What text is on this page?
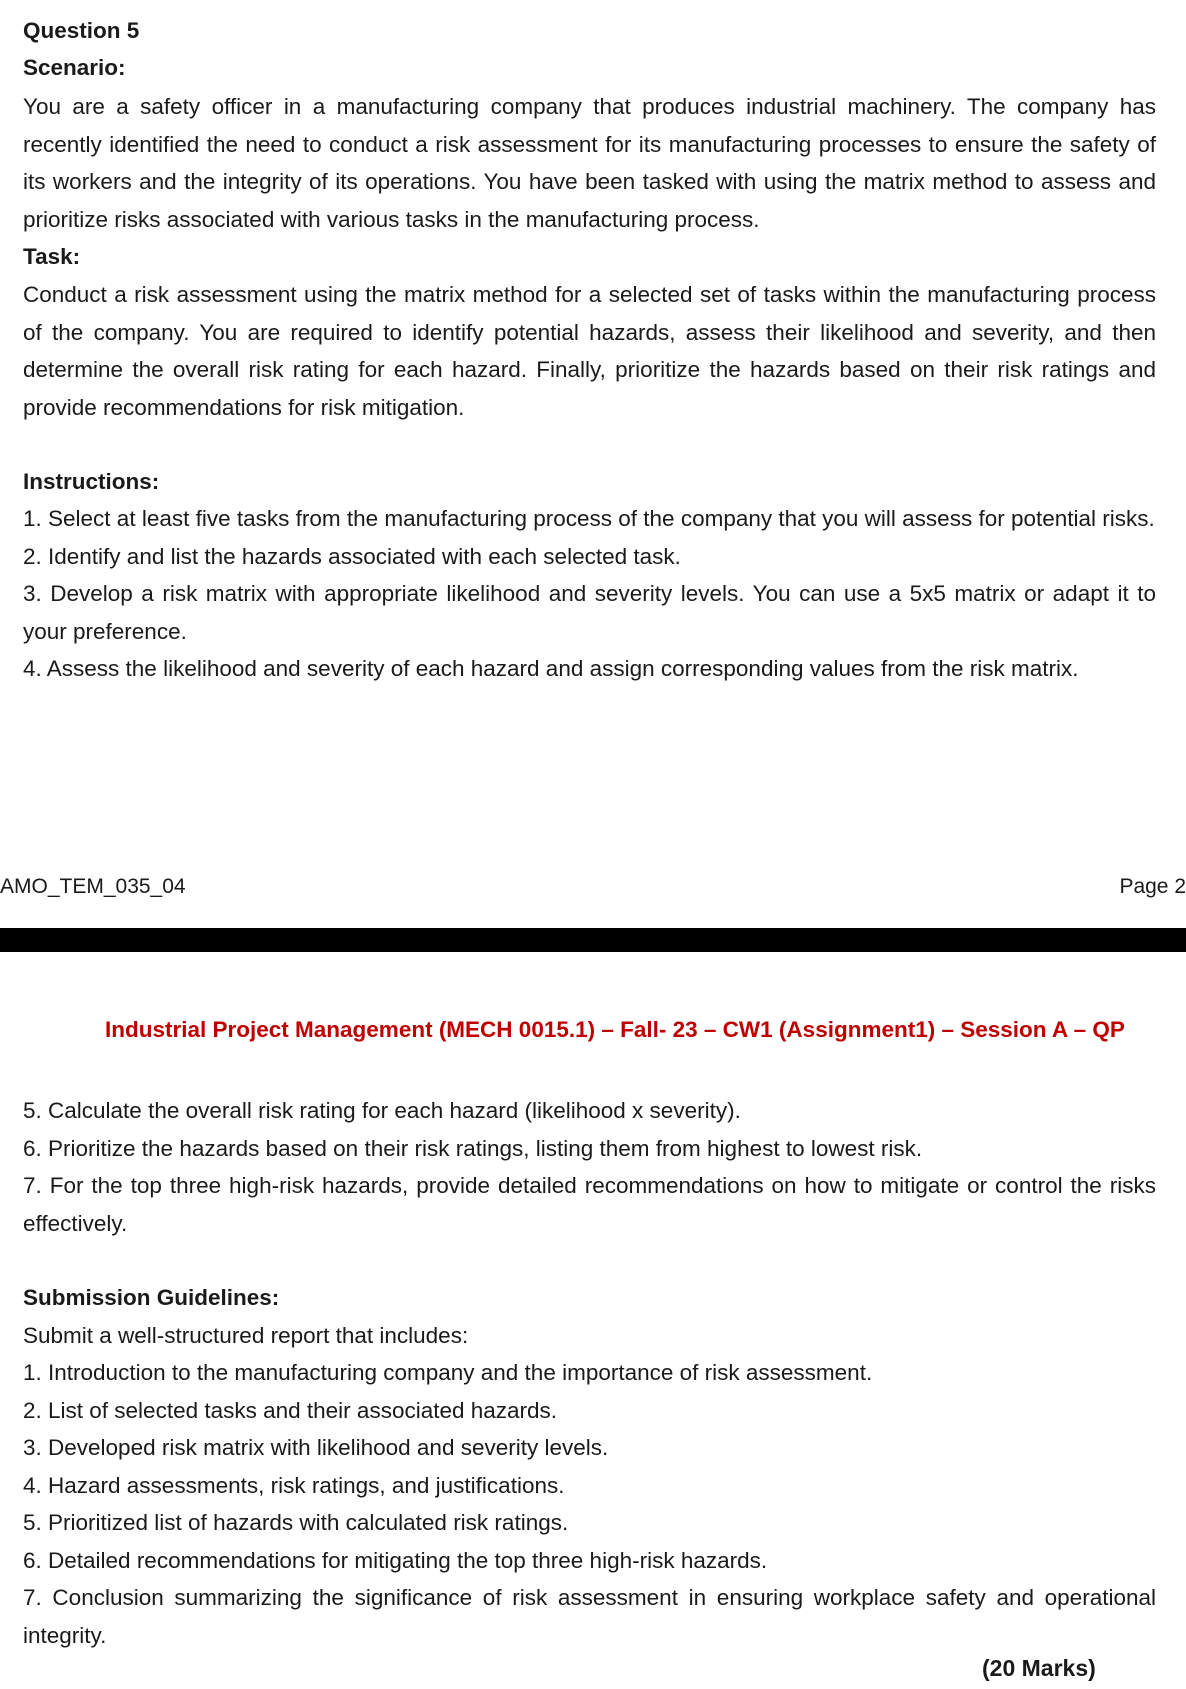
Question 5
Scenario:

You are a safety officer in a manufacturing company that produces industrial machinery. The company has recently identified the need to conduct a risk assessment for its manufacturing processes to ensure the safety of its workers and the integrity of its operations. You have been tasked with using the matrix method to assess and prioritize risks associated with various tasks in the manufacturing process.

Task:

Conduct a risk assessment using the matrix method for a selected set of tasks within the manufacturing process of the company. You are required to identify potential hazards, assess their likelihood and severity, and then determine the overall risk rating for each hazard. Finally, prioritize the hazards based on their risk ratings and provide recommendations for risk mitigation.

Instructions:
1. Select at least five tasks from the manufacturing process of the company that you will assess for potential risks.
2. Identify and list the hazards associated with each selected task.
3. Develop a risk matrix with appropriate likelihood and severity levels. You can use a 5x5 matrix or adapt it to your preference.
4. Assess the likelihood and severity of each hazard and assign corresponding values from the risk matrix.
AMO_TEM_035_04	Page 2
Industrial Project Management (MECH 0015.1) – Fall- 23 – CW1 (Assignment1) – Session A – QP
5. Calculate the overall risk rating for each hazard (likelihood x severity).
6. Prioritize the hazards based on their risk ratings, listing them from highest to lowest risk.
7. For the top three high-risk hazards, provide detailed recommendations on how to mitigate or control the risks effectively.
Submission Guidelines:
Submit a well-structured report that includes:
1. Introduction to the manufacturing company and the importance of risk assessment.
2. List of selected tasks and their associated hazards.
3. Developed risk matrix with likelihood and severity levels.
4. Hazard assessments, risk ratings, and justifications.
5. Prioritized list of hazards with calculated risk ratings.
6. Detailed recommendations for mitigating the top three high-risk hazards.
7. Conclusion summarizing the significance of risk assessment in ensuring workplace safety and operational integrity.
(20 Marks)
